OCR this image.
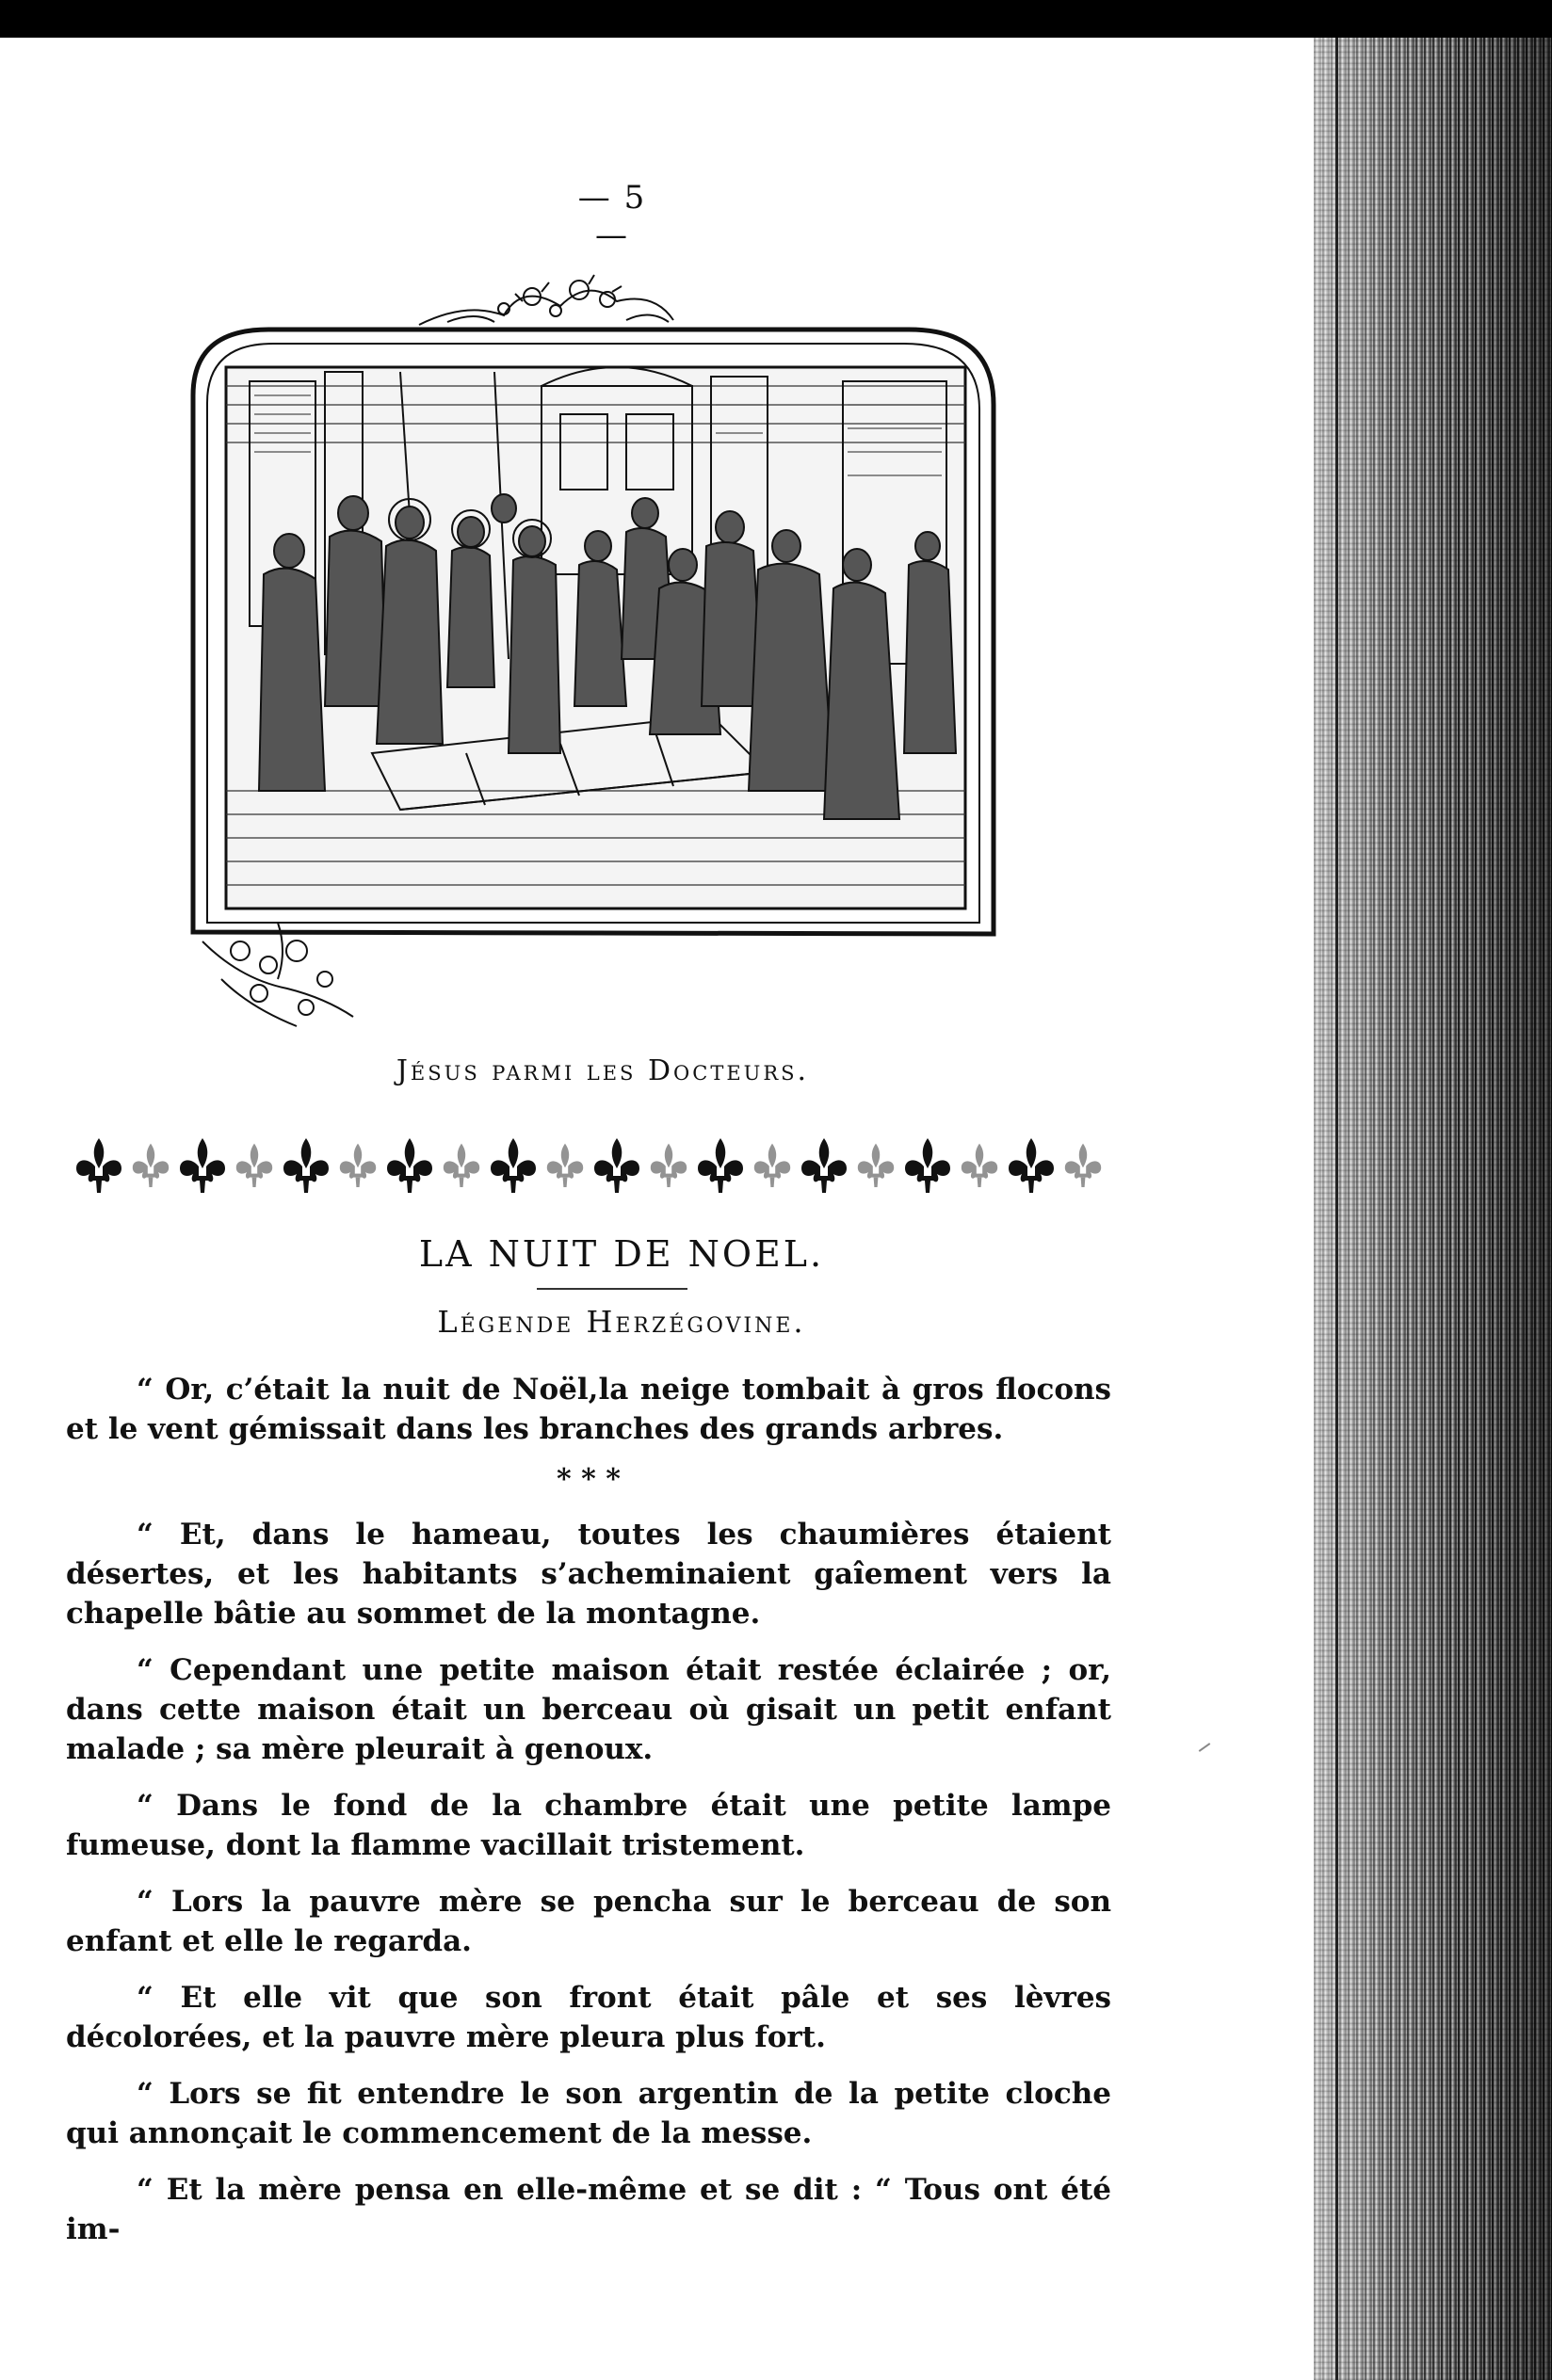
— 5 —
Jésus parmi les Docteurs.
LA NUIT DE NOEL.
Légende Herzégovine.

“ Or, c’était la nuit de Noël,la neige tombait à gros flocons et le vent gémissait dans les branches des grands arbres.

* * *

“ Et, dans le hameau, toutes les chaumières étaient désertes, et les habitants s’acheminaient gaîement vers la chapelle bâtie au sommet de la montagne.

“ Cependant une petite maison était restée éclairée ; or, dans cette maison était un berceau où gisait un petit enfant malade ; sa mère pleurait à genoux.

“ Dans le fond de la chambre était une petite lampe fumeuse, dont la flamme vacillait tristement.

“ Lors la pauvre mère se pencha sur le berceau de son enfant et elle le regarda.

“ Et elle vit que son front était pâle et ses lèvres décolorées, et la pauvre mère pleura plus fort.

“ Lors se fit entendre le son argentin de la petite cloche qui annonçait le commencement de la messe.

“ Et la mère pensa en elle-même et se dit : “ Tous ont été im-
